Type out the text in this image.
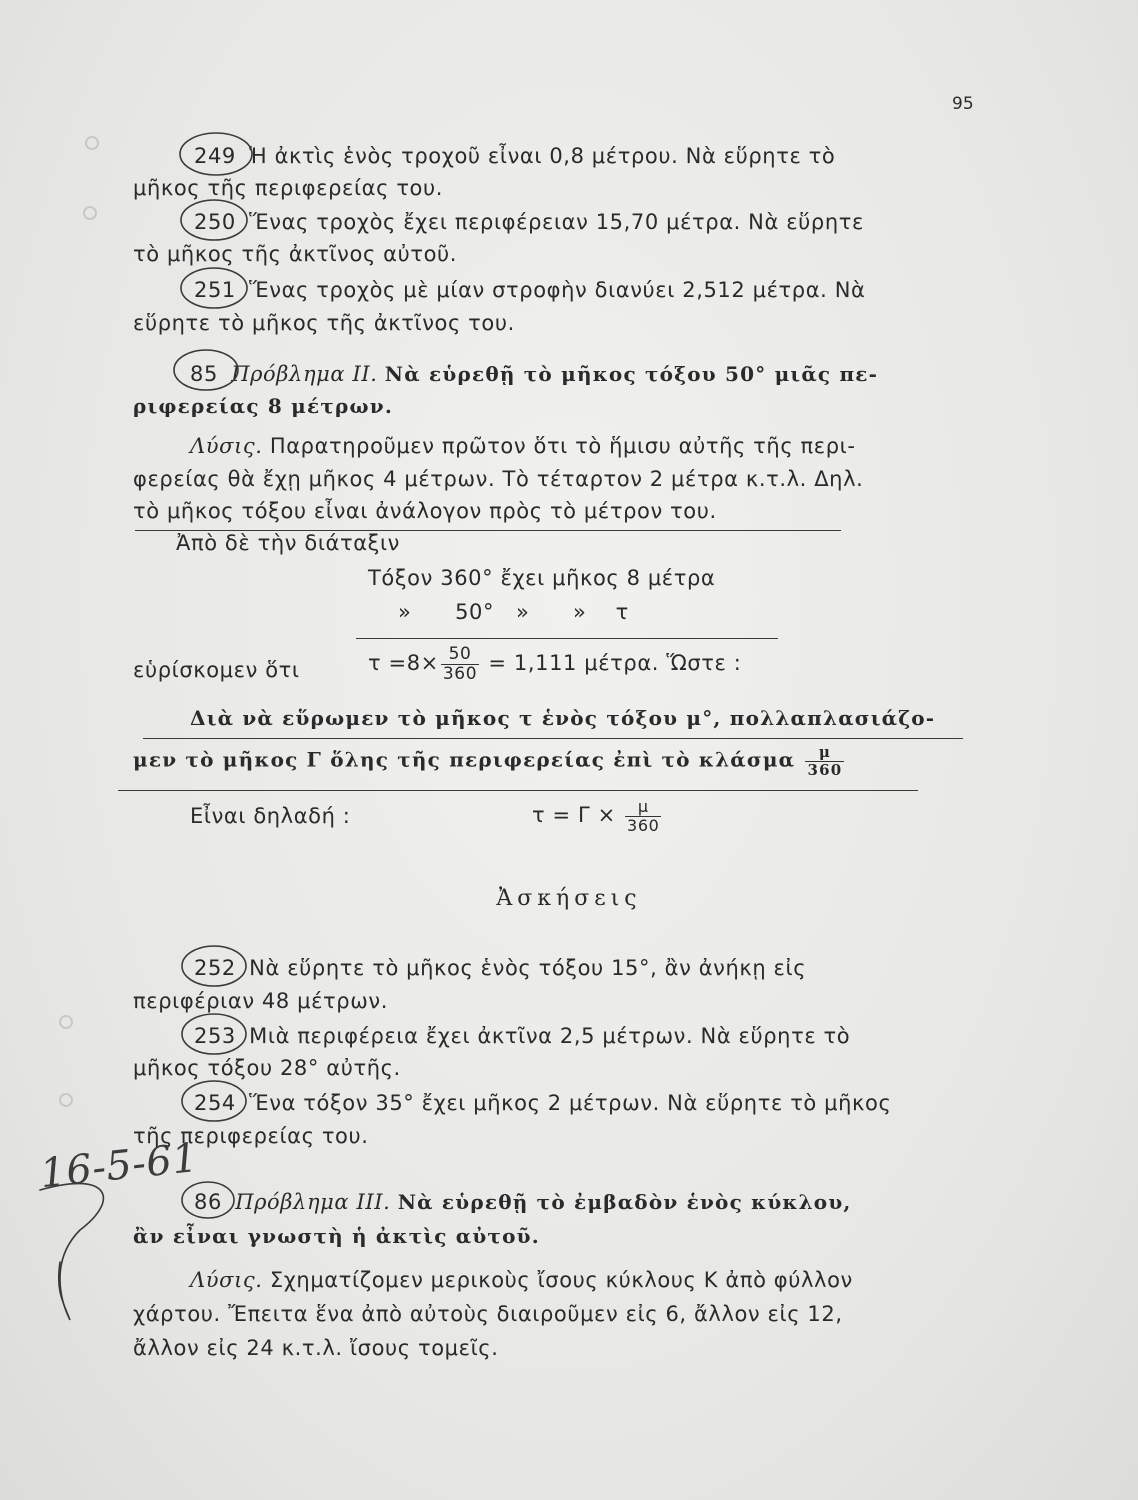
95
249 Ἡ ἀκτὶς ἑνὸς τροχοῦ εἶναι 0,8 μέτρου. Νὰ εὕρητε τὸ
μῆκος τῆς περιφερείας του.
250 Ἕνας τροχὸς ἔχει περιφέρειαν 15,70 μέτρα. Νὰ εὕρητε
τὸ μῆκος τῆς ἀκτῖνος αὐτοῦ.
251 Ἕνας τροχὸς μὲ μίαν στροφὴν διανύει 2,512 μέτρα. Νὰ
εὕρητε τὸ μῆκος τῆς ἀκτῖνος του.
85 Πρόβλημα ΙΙ. Νὰ εὑρεθῇ τὸ μῆκος τόξου 50° μιᾶς πε-
ριφερείας 8 μέτρων.
Λύσις. Παρατηροῦμεν πρῶτον ὅτι τὸ ἥμισυ αὐτῆς τῆς περι-
φερείας θὰ ἔχῃ μῆκος 4 μέτρων. Τὸ τέταρτον 2 μέτρα κ.τ.λ. Δηλ.
τὸ μῆκος τόξου εἶναι ἀνάλογον πρὸς τὸ μέτρον του.
Ἀπὸ δὲ τὴν διάταξιν
Τόξον 360° ἔχει μῆκος 8 μέτρα
»      50°   »      »    τ
εὑρίσκομεν ὅτι	$\tau =8\times \frac{50}{360} = 1,111$ μέτρα. Ὥστε :
Διὰ νὰ εὕρωμεν τὸ μῆκος τ ἑνὸς τόξου μ°, πολλαπλασιάζο-
μεν τὸ μῆκος Γ ὅλης τῆς περιφερείας ἐπὶ τὸ κλάσμα $\frac{\mu}{360}$
Εἶναι δηλαδή :	$\tau = \Gamma \times \frac{\mu}{360}$
Ἀσκήσεις
252 Νὰ εὕρητε τὸ μῆκος ἑνὸς τόξου 15°, ἂν ἀνήκῃ εἰς
περιφέριαν 48 μέτρων.
253 Μιὰ περιφέρεια ἔχει ἀκτῖνα 2,5 μέτρων. Νὰ εὕρητε τὸ
μῆκος τόξου 28° αὐτῆς.
254 Ἕνα τόξον 35° ἔχει μῆκος 2 μέτρων. Νὰ εὕρητε τὸ μῆκος
τῆς περιφερείας του.
16-5-61
86 Πρόβλημα ΙΙΙ. Νὰ εὑρεθῇ τὸ ἐμβαδὸν ἑνὸς κύκλου,
ἂν εἶναι γνωστὴ ἡ ἀκτὶς αὐτοῦ.
Λύσις. Σχηματίζομεν μερικοὺς ἴσους κύκλους Κ ἀπὸ φύλλον
χάρτου. Ἔπειτα ἕνα ἀπὸ αὐτοὺς διαιροῦμεν εἰς 6, ἄλλον εἰς 12,
ἄλλον εἰς 24 κ.τ.λ. ἴσους τομεῖς.
